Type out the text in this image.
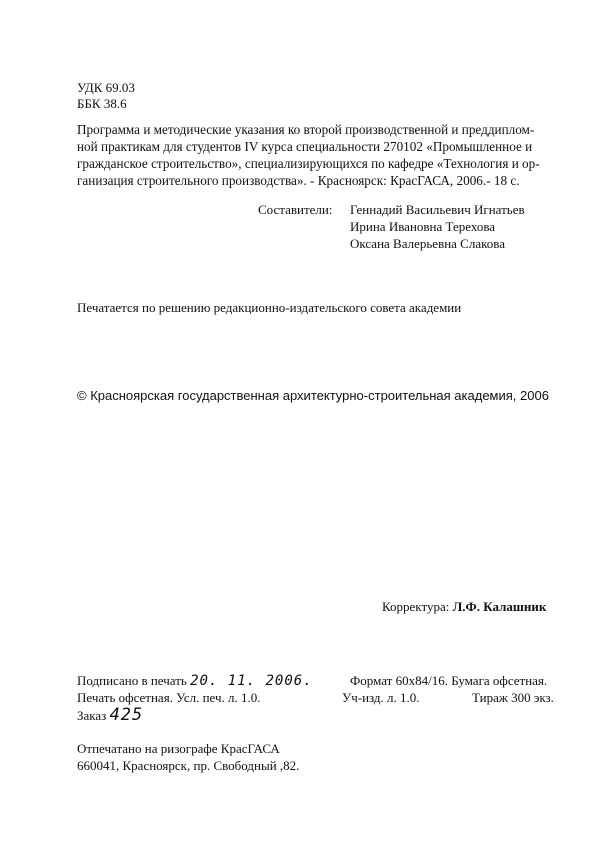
УДК 69.03
ББК 38.6
Программа и методические указания ко второй производственной и преддиплом-
ной практикам для студентов IV курса специальности 270102 «Промышленное и
гражданское строительство», специализирующихся по кафедре «Технология и ор-
ганизация строительного производства». - Красноярск: КрасГАСА, 2006.- 18 с.
Составители: Геннадий Васильевич Игнатьев
Ирина Ивановна Терехова
Оксана Валерьевна Слакова
Печатается по решению редакционно-издательского совета академии
© Красноярская государственная архитектурно-строительная академия, 2006
Корректура: Л.Ф. Калашник
Подписано в печать 20. 11. 2006.	Формат 60х84/16. Бумага офсетная.
Печать офсетная. Усл. печ. л. 1.0.	Уч-изд. л. 1.0.	Тираж 300 экз.
Заказ 425
Отпечатано на ризографе КрасГАСА
660041, Красноярск, пр. Свободный ,82.
